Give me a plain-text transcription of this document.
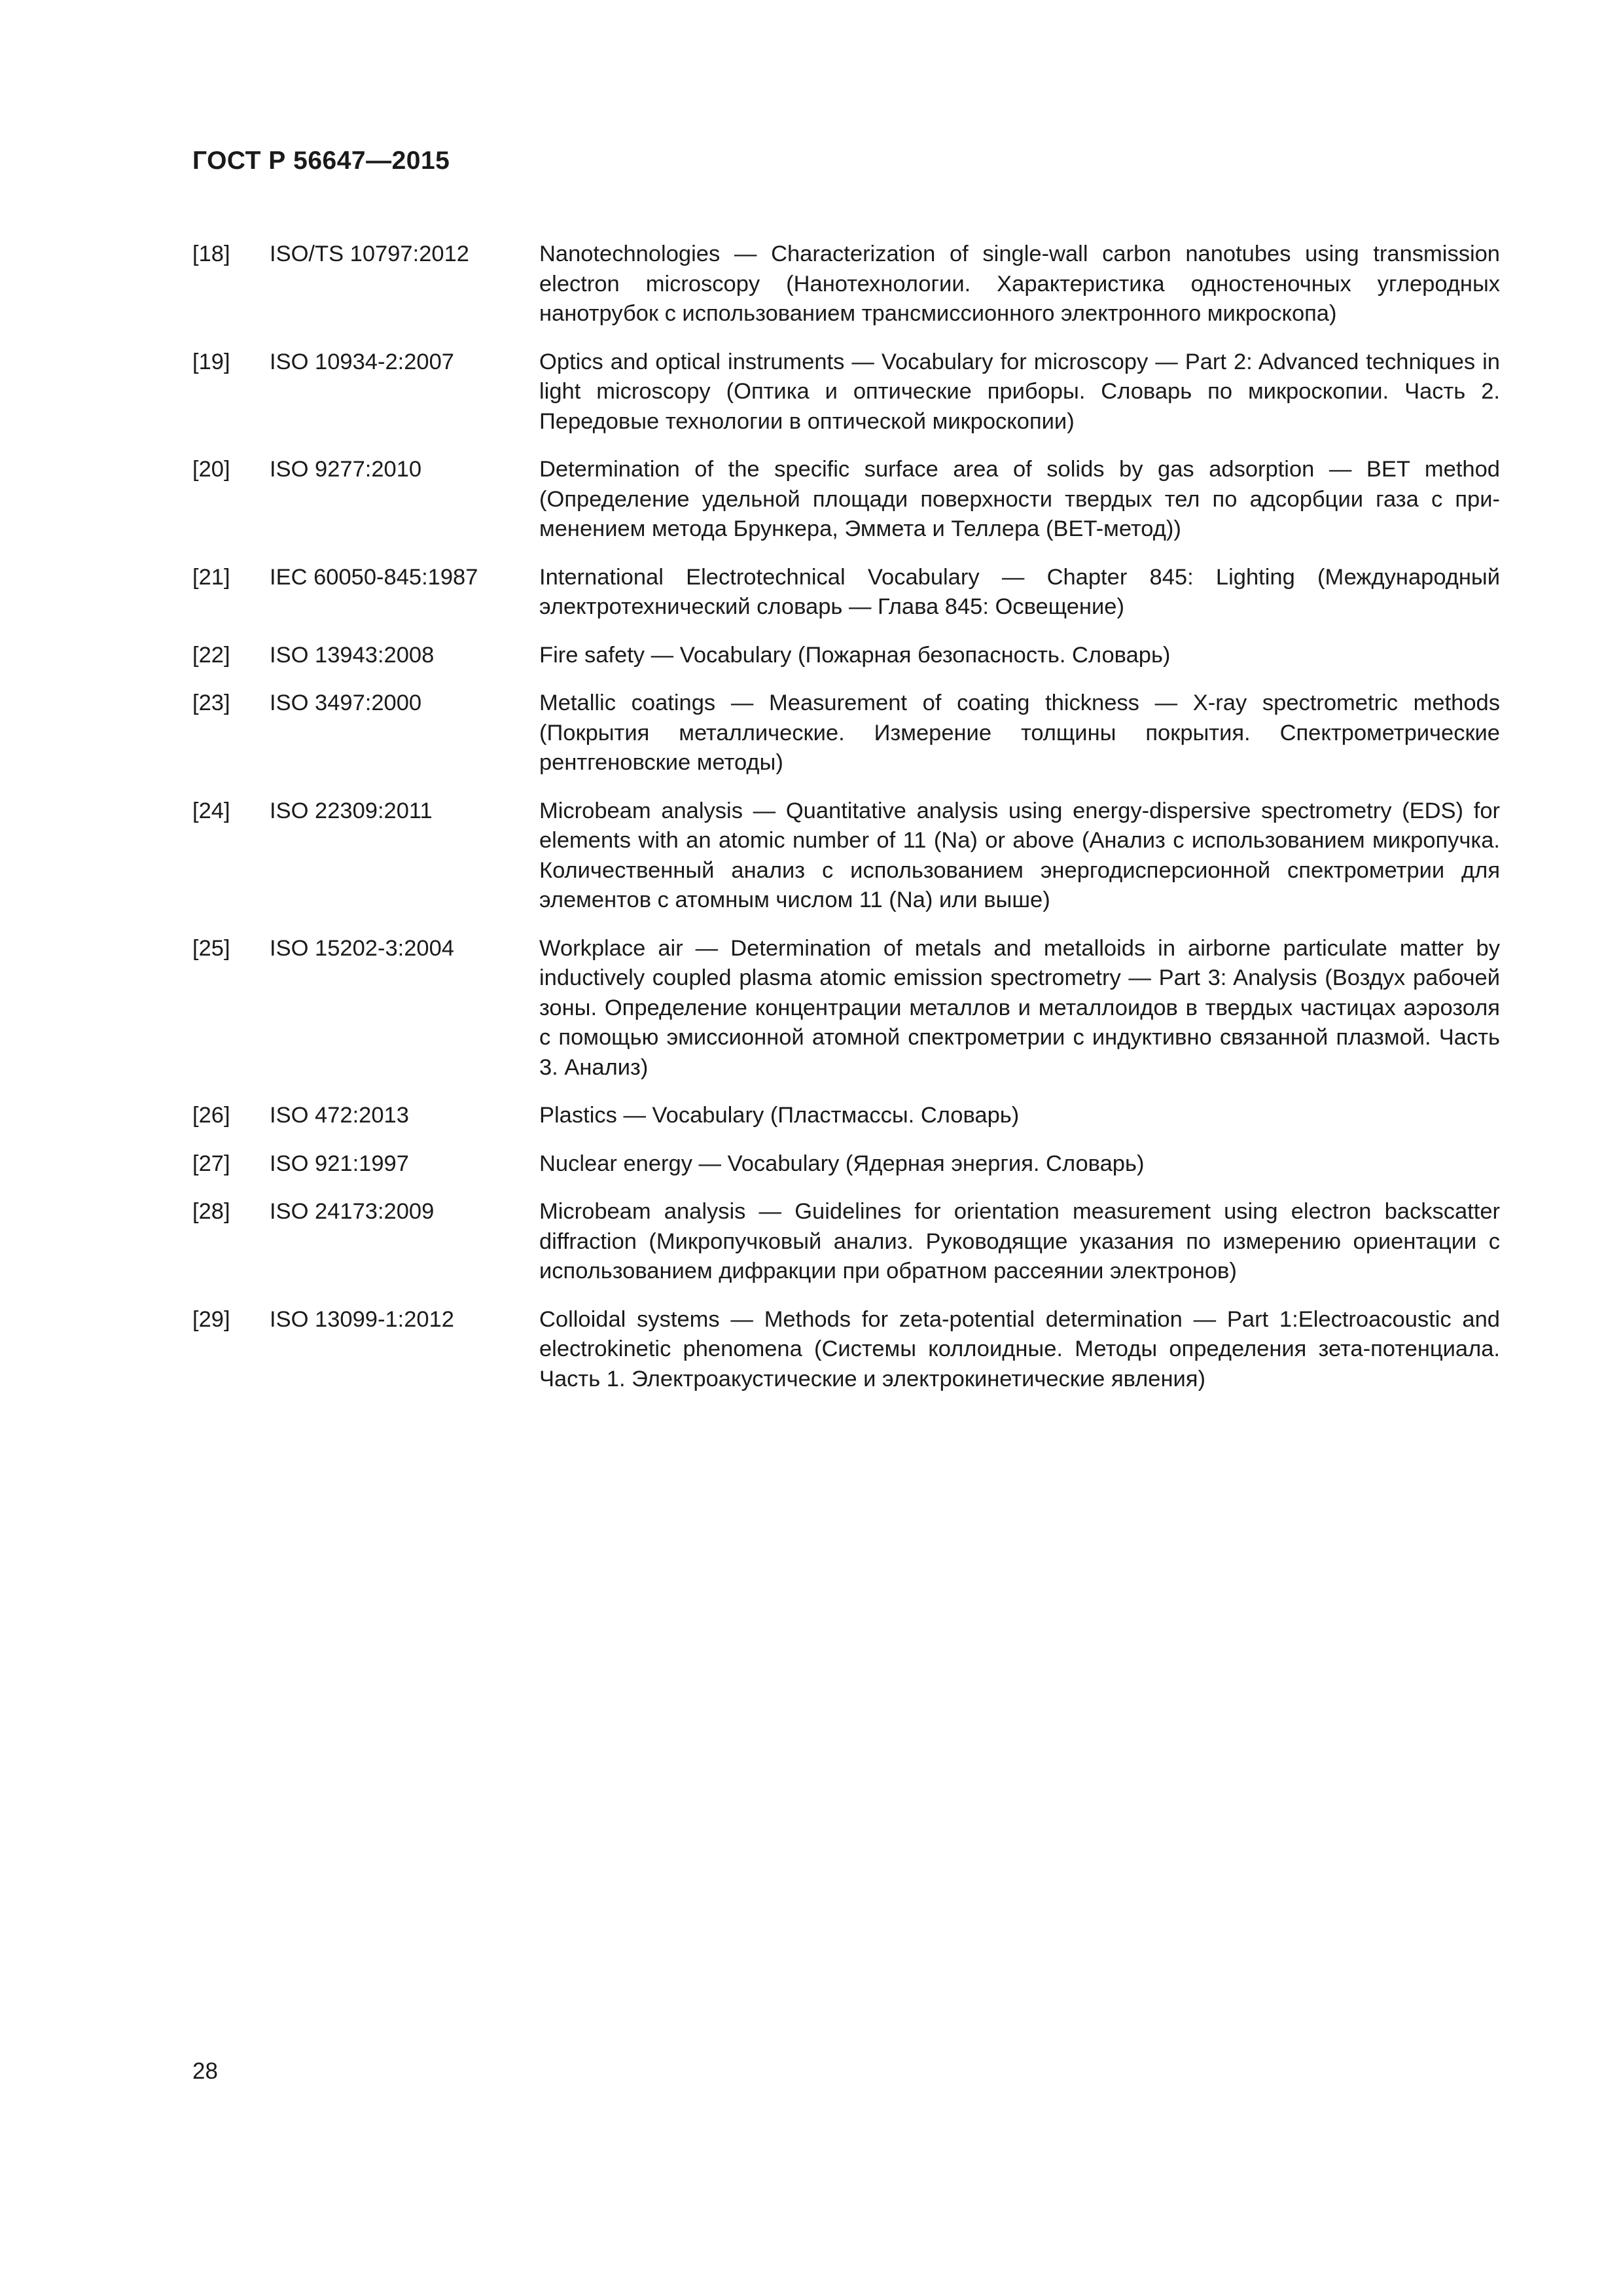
ГОСТ Р 56647—2015
[18]	ISO/TS 10797:2012	Nanotechnologies — Characterization of single-wall carbon nanotubes using transmission electron microscopy (Нанотехнологии. Характеристика одностеночных углеродных нанотрубок с использованием трансмиссионного электронного микроскопа)
[19]	ISO 10934-2:2007	Optics and optical instruments — Vocabulary for microscopy — Part 2: Advanced techniques in light microscopy (Оптика и оптические приборы. Словарь по микроскопии. Часть 2. Передовые технологии в оптической микроскопии)
[20]	ISO 9277:2010	Determination of the specific surface area of solids by gas adsorption — BET method (Определение удельной площади поверхности твердых тел по адсорбции газа с применением метода Брункера, Эммета и Теллера (BET-метод))
[21]	IEC 60050-845:1987	International Electrotechnical Vocabulary — Chapter 845: Lighting (Международный электротехнический словарь — Глава 845: Освещение)
[22]	ISO 13943:2008	Fire safety — Vocabulary (Пожарная безопасность. Словарь)
[23]	ISO 3497:2000	Metallic coatings — Measurement of coating thickness — X-ray spectrometric methods (Покрытия металлические. Измерение толщины покрытия. Спектрометрические рентгеновские методы)
[24]	ISO 22309:2011	Microbeam analysis — Quantitative analysis using energy-dispersive spectrometry (EDS) for elements with an atomic number of 11 (Na) or above (Анализ с использованием микропучка. Количественный анализ с использованием энергодисперсионной спектрометрии для элементов с атомным числом 11 (Na) или выше)
[25]	ISO 15202-3:2004	Workplace air — Determination of metals and metalloids in airborne particulate matter by inductively coupled plasma atomic emission spectrometry — Part 3: Analysis (Воздух рабочей зоны. Определение концентрации металлов и металлоидов в твердых частицах аэрозоля с помощью эмиссионной атомной спектрометрии с индуктивно связанной плазмой. Часть 3. Анализ)
[26]	ISO 472:2013	Plastics — Vocabulary (Пластмассы. Словарь)
[27]	ISO 921:1997	Nuclear energy — Vocabulary (Ядерная энергия. Словарь)
[28]	ISO 24173:2009	Microbeam analysis — Guidelines for orientation measurement using electron backscatter diffraction (Микропучковый анализ. Руководящие указания по измерению ориентации с использованием дифракции при обратном рассеянии электронов)
[29]	ISO 13099-1:2012	Colloidal systems — Methods for zeta-potential determination — Part 1:Electroacoustic and electrokinetic phenomena (Системы коллоидные. Методы определения зета-потенциала. Часть 1. Электроакустические и электрокинетические явления)
28
